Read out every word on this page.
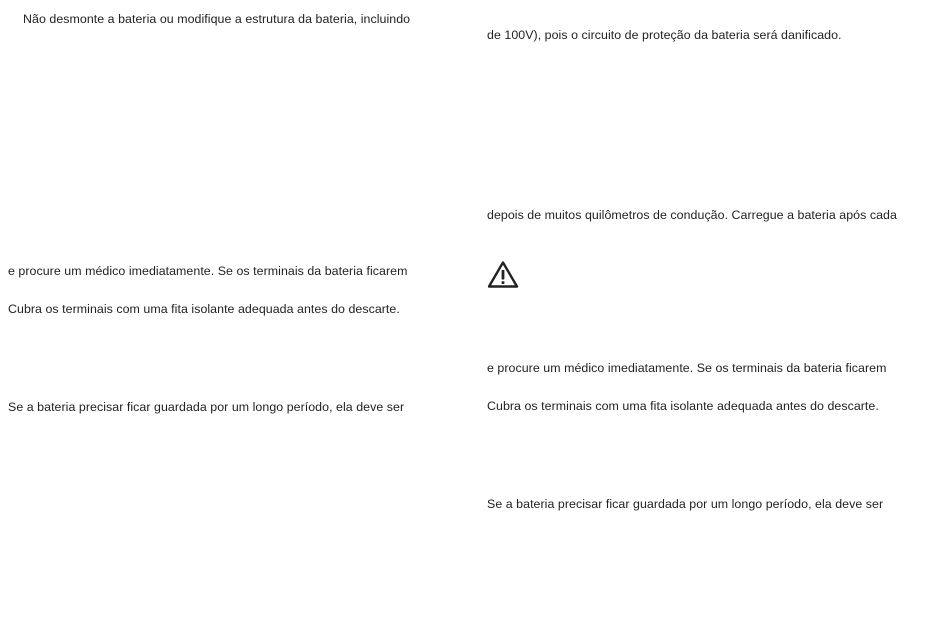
Não desmonte a bateria ou modifique a estrutura da bateria, incluindo
e procure um médico imediatamente. Se os terminais da bateria ficarem
Cubra os terminais com uma fita isolante adequada antes do descarte.
Se a bateria precisar ficar guardada por um longo período, ela deve ser
de 100V), pois o circuito de proteção da bateria será danificado.
depois de muitos quilômetros de condução. Carregue a bateria após cada
e procure um médico imediatamente. Se os terminais da bateria ficarem
Cubra os terminais com uma fita isolante adequada antes do descarte.
Se a bateria precisar ficar guardada por um longo período, ela deve ser
